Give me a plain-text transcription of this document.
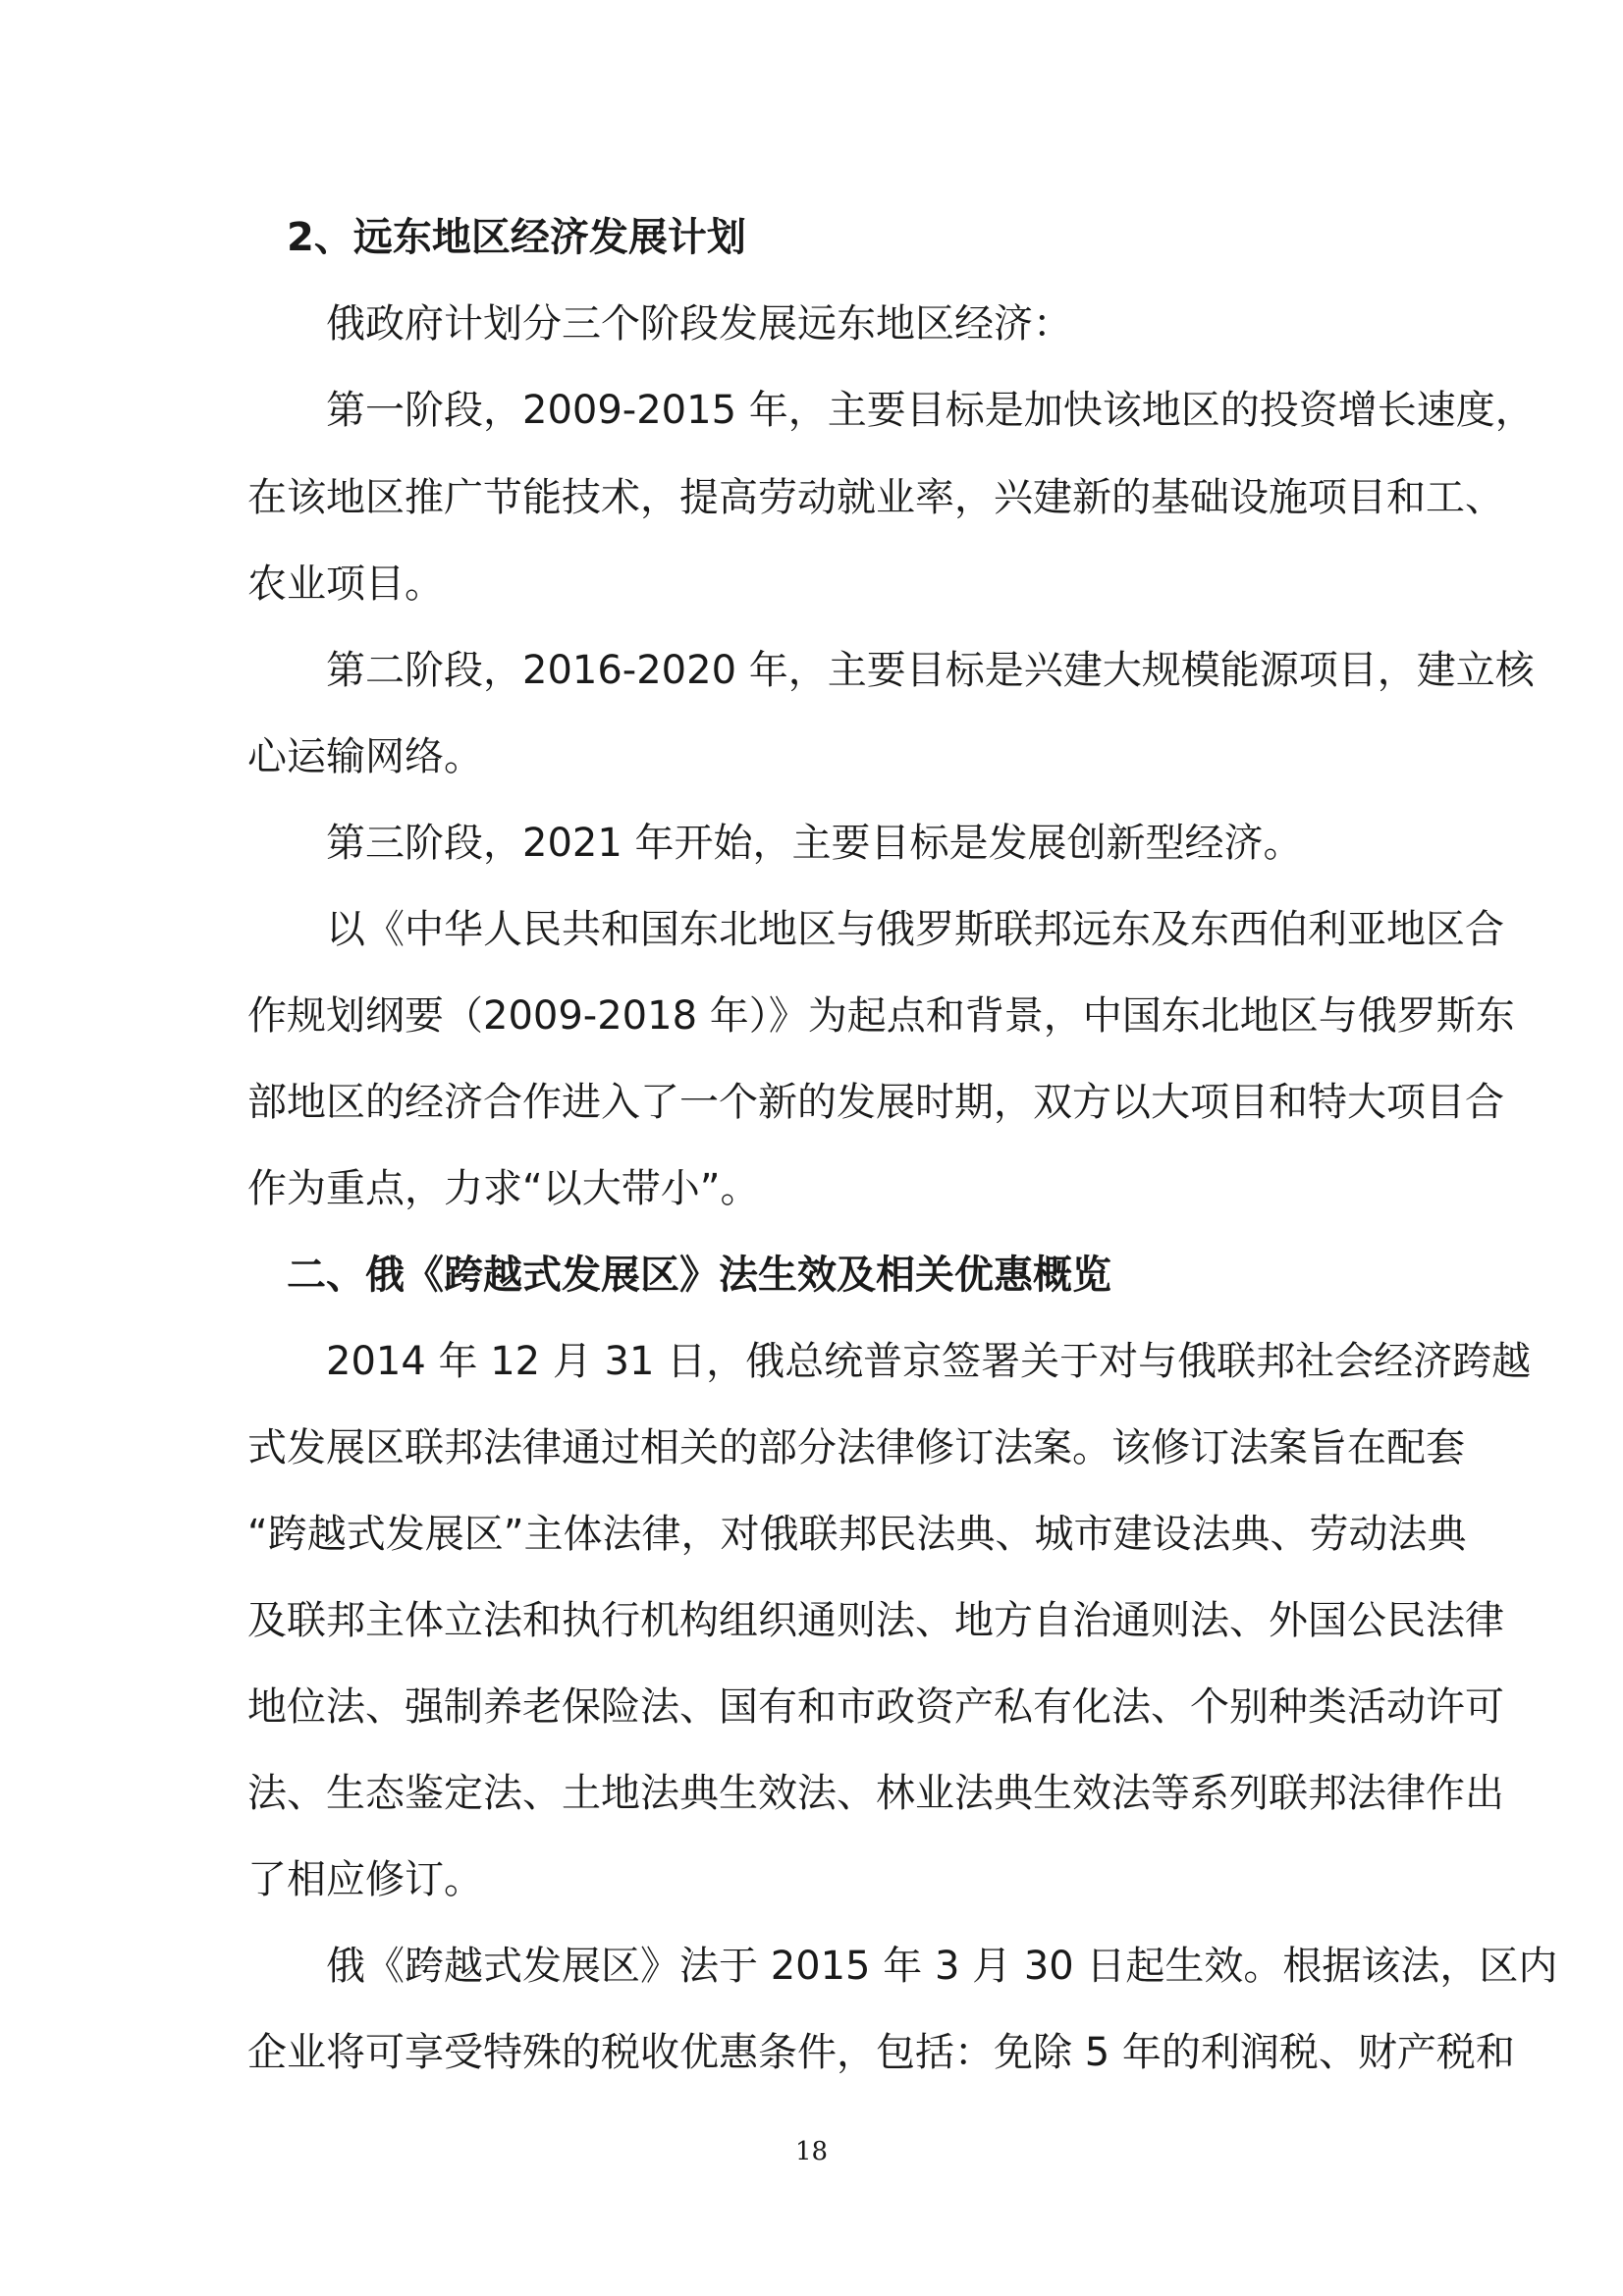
　2、远东地区经济发展计划
　　俄政府计划分三个阶段发展远东地区经济：
　　第一阶段，2009-2015 年，主要目标是加快该地区的投资增长速度，
在该地区推广节能技术，提高劳动就业率，兴建新的基础设施项目和工、
农业项目。
　　第二阶段，2016-2020 年，主要目标是兴建大规模能源项目，建立核
心运输网络。
　　第三阶段，2021 年开始，主要目标是发展创新型经济。
　　以《中华人民共和国东北地区与俄罗斯联邦远东及东西伯利亚地区合
作规划纲要（2009-2018 年）》为起点和背景，中国东北地区与俄罗斯东
部地区的经济合作进入了一个新的发展时期，双方以大项目和特大项目合
作为重点，力求“以大带小”。
　二、俄《跨越式发展区》法生效及相关优惠概览
　　2014 年 12 月 31 日，俄总统普京签署关于对与俄联邦社会经济跨越
式发展区联邦法律通过相关的部分法律修订法案。该修订法案旨在配套
“跨越式发展区”主体法律，对俄联邦民法典、城市建设法典、劳动法典
及联邦主体立法和执行机构组织通则法、地方自治通则法、外国公民法律
地位法、强制养老保险法、国有和市政资产私有化法、个别种类活动许可
法、生态鉴定法、土地法典生效法、林业法典生效法等系列联邦法律作出
了相应修订。
　　俄《跨越式发展区》法于 2015 年 3 月 30 日起生效。根据该法，区内
企业将可享受特殊的税收优惠条件，包括：免除 5 年的利润税、财产税和
18
